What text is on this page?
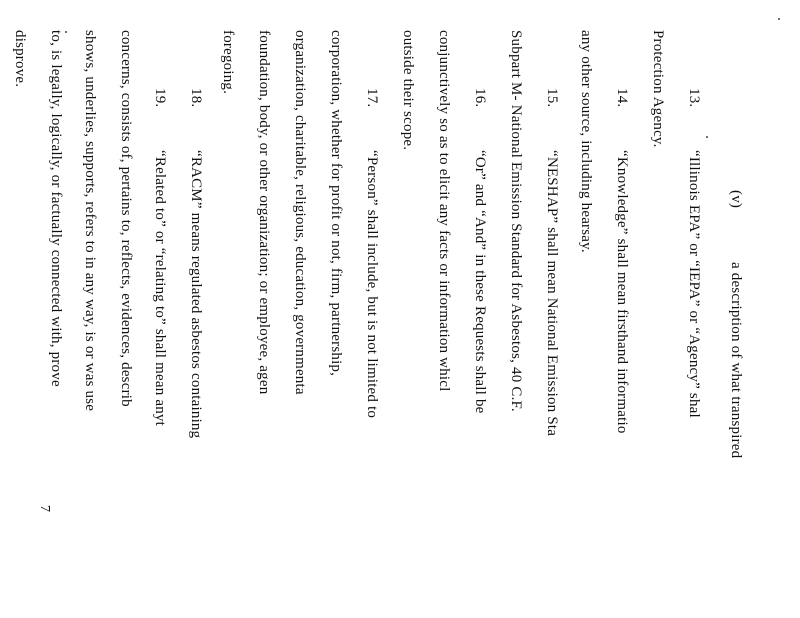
(v)
a description of what transpired
13.
“Illinois EPA” or “IEPA” or “Agency” shal
Protection Agency.
14.
“Knowledge” shall mean firsthand informatio
any other source, including hearsay.
15.
“NESHAP” shall mean National Emission Sta
Subpart M- National Emission Standard for Asbestos, 40 C.F.
16.
“Or” and “And” in these Requests shall be
conjunctively so as to elicit any facts or information whicl
outside their scope.
17.
“Person” shall include, but is not limited to
corporation, whether for profit or not, firm, partnership,
organization, charitable, religious, education, governmenta
foundation, body, or other organization; or employee, agen
foregoing.
18.
“RACM” means regulated asbestos containing
19.
“Related to” or “relating to” shall mean anyt
concerns, consists of, pertains to, reflects, evidences, describ
shows, underlies, supports, refers to in any way, is or was use
to, is legally, logically, or factually connected with, prove
disprove.
7
